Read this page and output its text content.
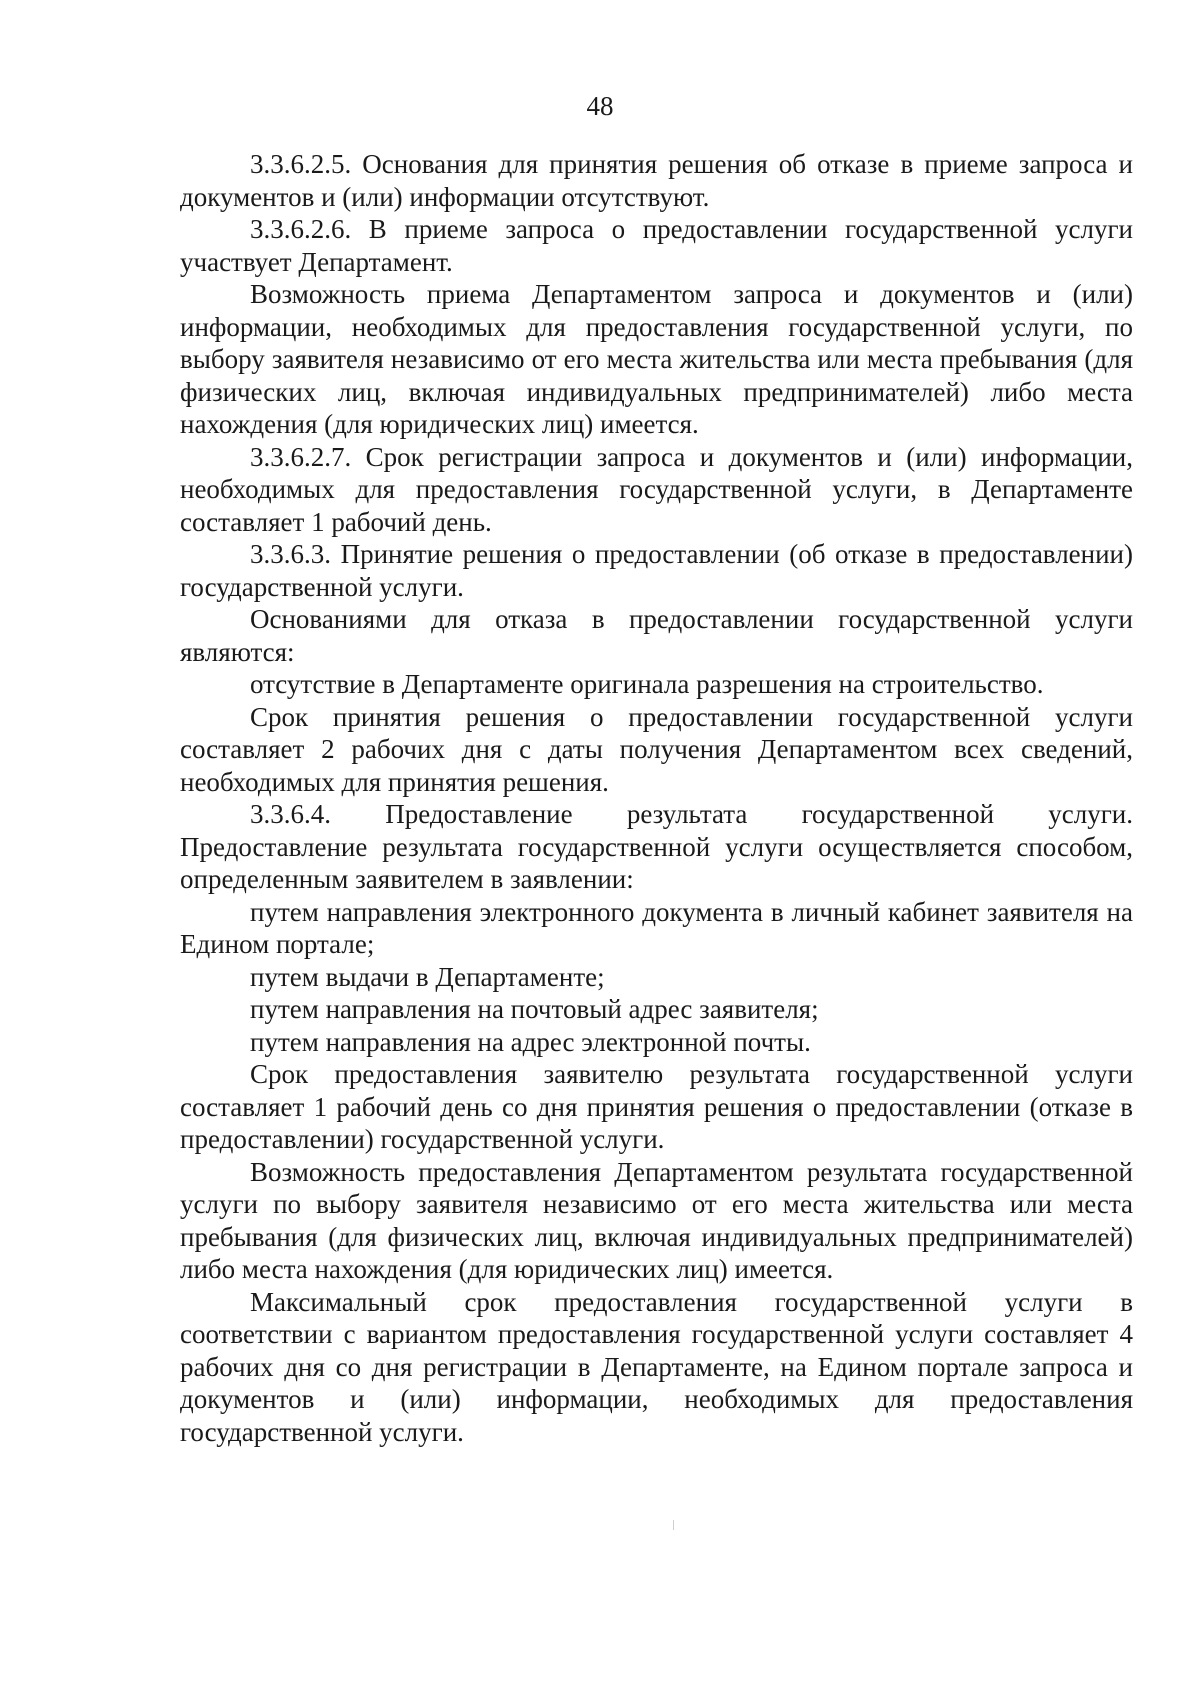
48

3.3.6.2.5. Основания для принятия решения об отказе в приеме запроса и документов и (или) информации отсутствуют.

3.3.6.2.6. В приеме запроса о предоставлении государственной услуги участвует Департамент.

Возможность приема Департаментом запроса и документов и (или) информации, необходимых для предоставления государственной услуги, по выбору заявителя независимо от его места жительства или места пребывания (для физических лиц, включая индивидуальных предпринимателей) либо места нахождения (для юридических лиц) имеется.

3.3.6.2.7. Срок регистрации запроса и документов и (или) информации, необходимых для предоставления государственной услуги, в Департаменте составляет 1 рабочий день.

3.3.6.3. Принятие решения о предоставлении (об отказе в предоставлении) государственной услуги.

Основаниями для отказа в предоставлении государственной услуги являются:

отсутствие в Департаменте оригинала разрешения на строительство.

Срок принятия решения о предоставлении государственной услуги составляет 2 рабочих дня с даты получения Департаментом всех сведений, необходимых для принятия решения.

3.3.6.4. Предоставление результата государственной услуги. Предоставление результата государственной услуги осуществляется способом, определенным заявителем в заявлении:

путем направления электронного документа в личный кабинет заявителя на Едином портале;

путем выдачи в Департаменте;

путем направления на почтовый адрес заявителя;

путем направления на адрес электронной почты.

Срок предоставления заявителю результата государственной услуги составляет 1 рабочий день со дня принятия решения о предоставлении (отказе в предоставлении) государственной услуги.

Возможность предоставления Департаментом результата государственной услуги по выбору заявителя независимо от его места жительства или места пребывания (для физических лиц, включая индивидуальных предпринимателей) либо места нахождения (для юридических лиц) имеется.

Максимальный срок предоставления государственной услуги в соответствии с вариантом предоставления государственной услуги составляет 4 рабочих дня со дня регистрации в Департаменте, на Едином портале запроса и документов и (или) информации, необходимых для предоставления государственной услуги.
